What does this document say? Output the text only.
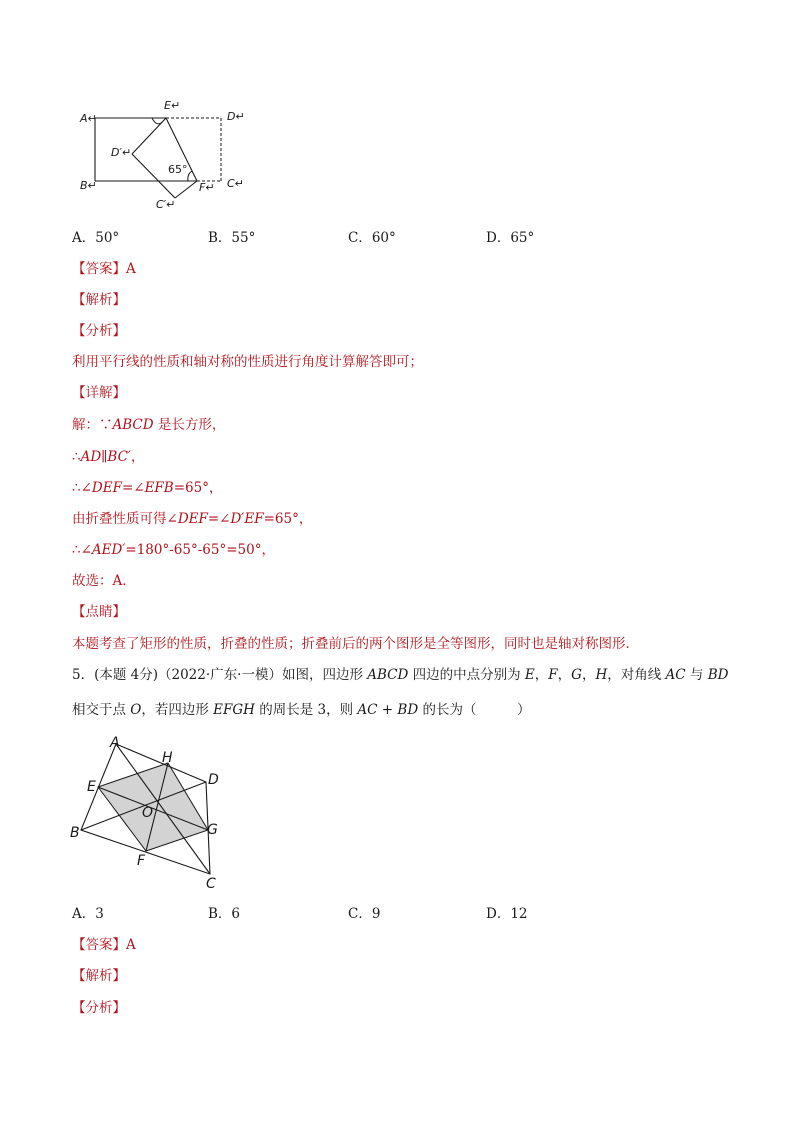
A↵
B↵	C↵
D↵
E↵
F↵
C′↵
D′↵
65°
A．50°	B．55°	C．60°	D．65°
【答案】A
【解析】
【分析】
利用平行线的性质和轴对称的性质进行角度计算解答即可；
【详解】
解：∵ABCD 是长方形，
∴AD∥BC′，
∴∠DEF=∠EFB=65°，
由折叠性质可得∠DEF=∠D′EF=65°，
∴∠AED′=180°-65°-65°=50°，
故选：A．
【点睛】
本题考查了矩形的性质，折叠的性质；折叠前后的两个图形是全等图形，同时也是轴对称图形．
5．(本题 4分)（2022·广东·一模）如图，四边形 ABCD 四边的中点分别为 E，F，G，H，对角线 AC 与 BD
相交于点 O，若四边形 EFGH 的周长是 3，则 AC + BD 的长为（　　　）
A
B
C
D
E
F
G
H
O
A．3	B．6	C．9	D．12
【答案】A
【解析】
【分析】
